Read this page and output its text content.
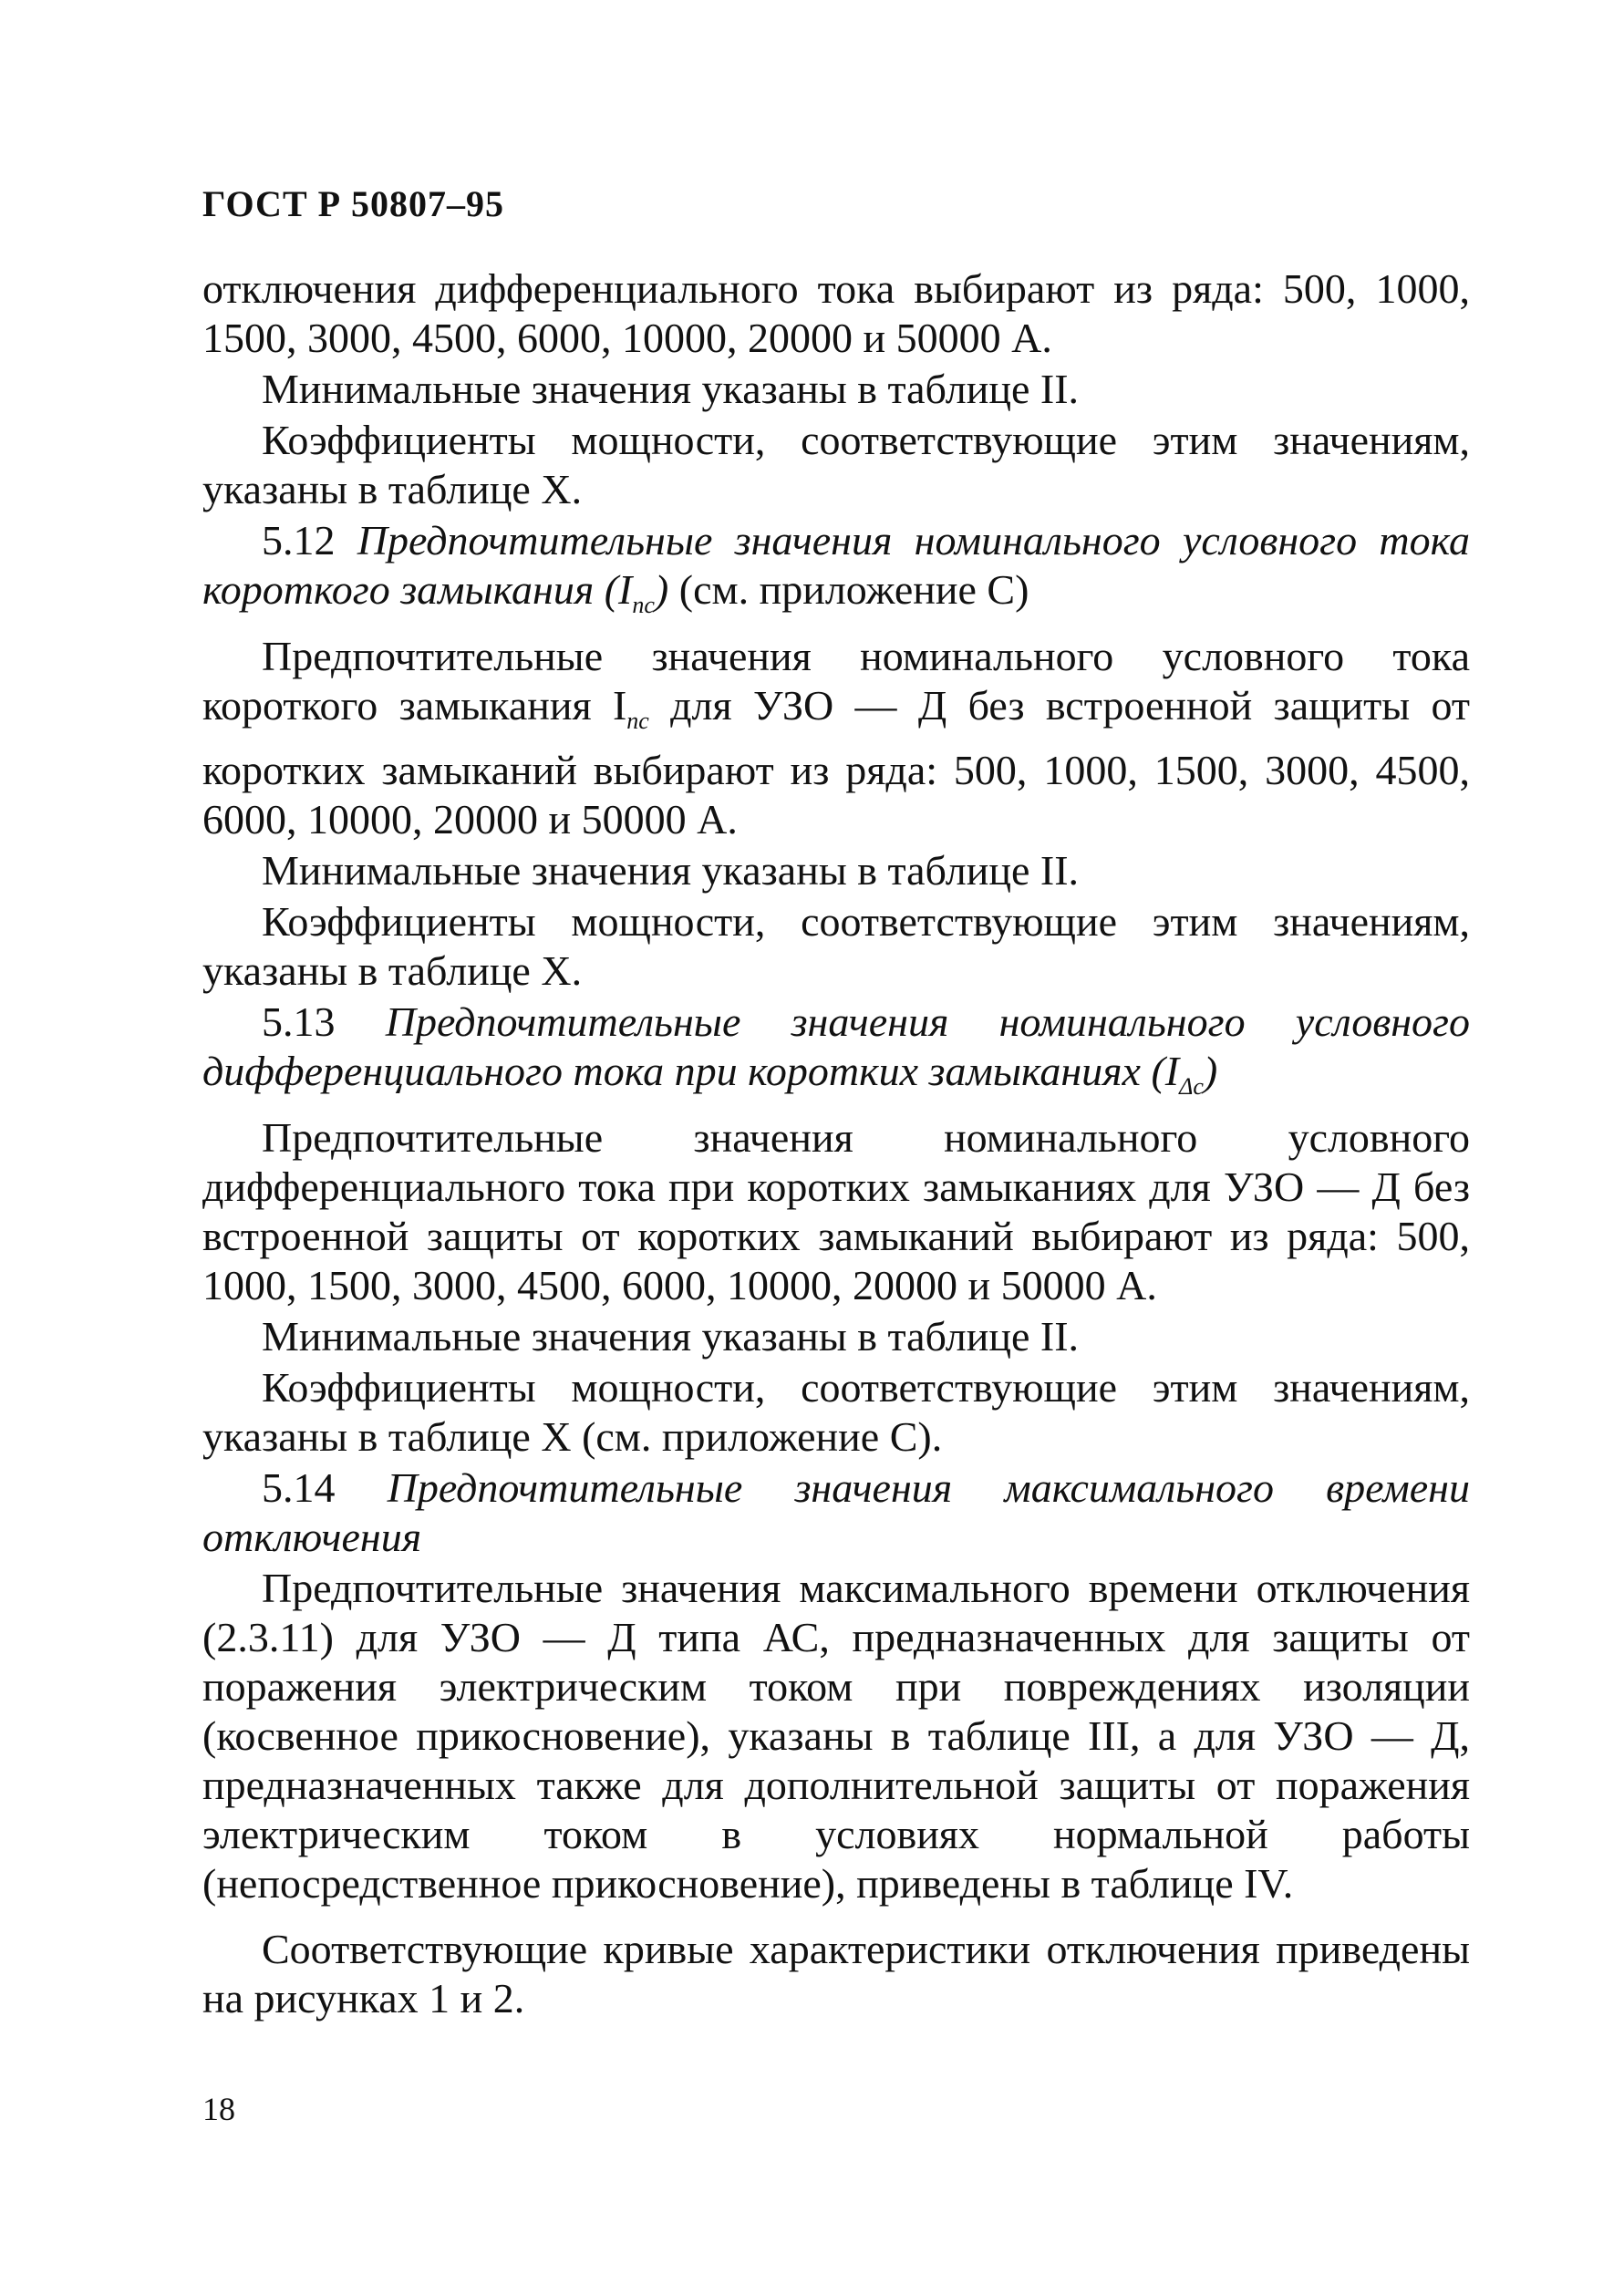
ГОСТ Р 50807–95

отключения дифференциального тока выбирают из ряда: 500, 1000, 1500, 3000, 4500, 6000, 10000, 20000 и 50000 А.

Минимальные значения указаны в таблице II.

Коэффициенты мощности, соответствующие этим значениям, указаны в таблице X.

5.12 Предпочтительные значения номинального условного тока короткого замыкания $(I_{nc})$ (см. приложение С)

Предпочтительные значения номинального условного тока короткого замыкания $I_{nc}$ для УЗО — Д без встроенной защиты от коротких замыканий выбирают из ряда: 500, 1000, 1500, 3000, 4500, 6000, 10000, 20000 и 50000 А.

Минимальные значения указаны в таблице II.

Коэффициенты мощности, соответствующие этим значениям, указаны в таблице X.

5.13 Предпочтительные значения номинального условного дифференциального тока при коротких замыканиях $(I_{\Delta c})$

Предпочтительные значения номинального условного дифференциального тока при коротких замыканиях для УЗО — Д без встроенной защиты от коротких замыканий выбирают из ряда: 500, 1000, 1500, 3000, 4500, 6000, 10000, 20000 и 50000 А.

Минимальные значения указаны в таблице II.

Коэффициенты мощности, соответствующие этим значениям, указаны в таблице X (см. приложение С).

5.14 Предпочтительные значения максимального времени отключения

Предпочтительные значения максимального времени отключения (2.3.11) для УЗО — Д типа АС, предназначенных для защиты от поражения электрическим током при повреждениях изоляции (косвенное прикосновение), указаны в таблице III, а для УЗО — Д, предназначенных также для дополнительной защиты от поражения электрическим током в условиях нормальной работы (непосредственное прикосновение), приведены в таблице IV.

Соответствующие кривые характеристики отключения приведены на рисунках 1 и 2.

18
